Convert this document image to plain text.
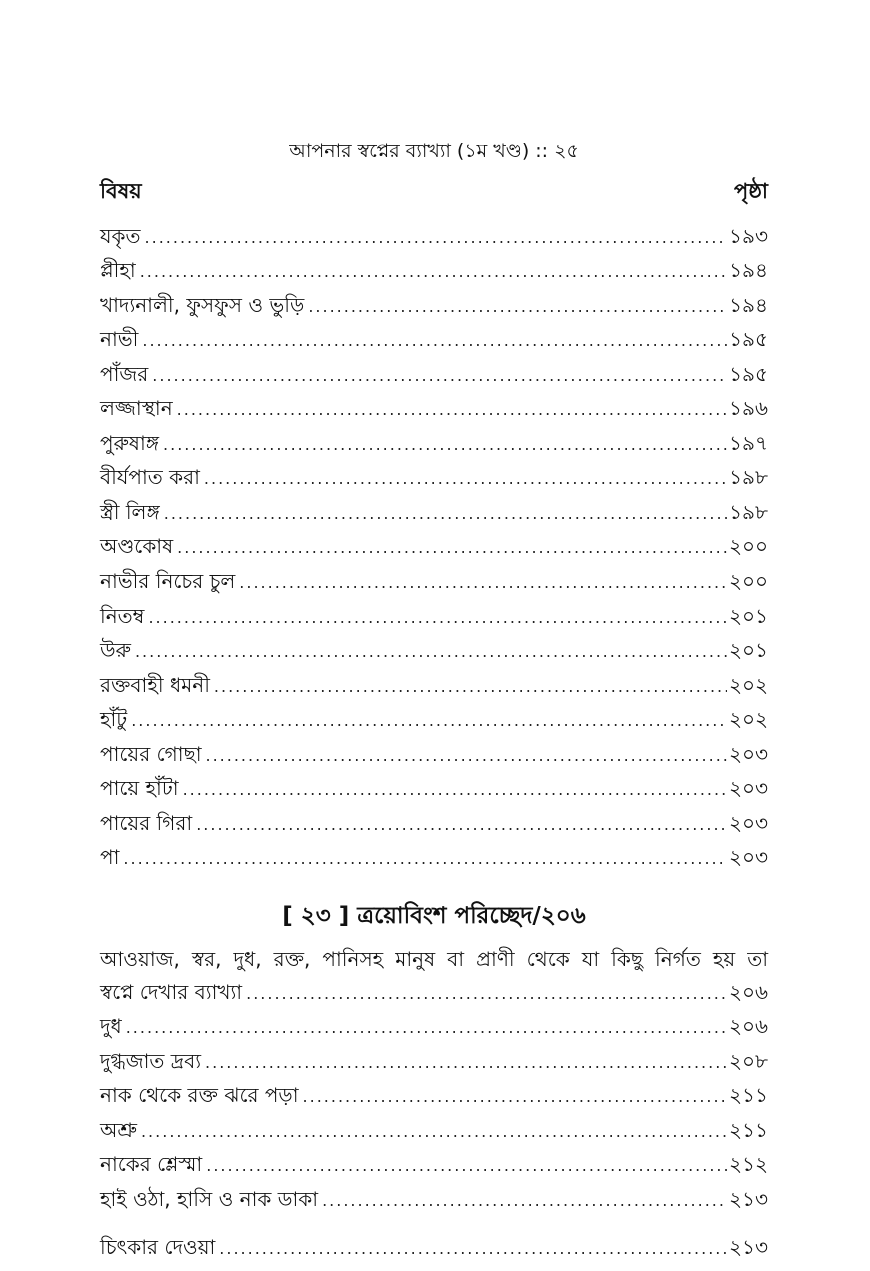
আপনার স্বপ্নের ব্যাখ্যা (১ম খণ্ড) :: ২৫
বিষয়	পৃষ্ঠা
যকৃত .....	১৯৩
প্লীহা .....	১৯৪
খাদ্যনালী, ফুসফুস ও ভুড়ি .....	১৯৪
নাভী .....	১৯৫
পাঁজর .....	১৯৫
লজ্জাস্থান .....	১৯৬
পুরুষাঙ্গ .....	১৯৭
বীর্যপাত করা .....	১৯৮
স্ত্রী লিঙ্গ .....	১৯৮
অণ্ডকোষ .....	২০০
নাভীর নিচের চুল .....	২০০
নিতম্ব .....	২০১
উরু .....	২০১
রক্তবাহী ধমনী .....	২০২
হাঁটু .....	২০২
পায়ের গোছা .....	২০৩
পায়ে হাঁটা .....	২০৩
পায়ের গিরা .....	২০৩
পা .....	২০৩
[ ২৩ ] ত্রয়োবিংশ পরিচ্ছেদ/২০৬
আওয়াজ, স্বর, দুধ, রক্ত, পানিসহ মানুষ বা প্রাণী থেকে যা কিছু নির্গত হয় তা
স্বপ্নে দেখার ব্যাখ্যা .....	২০৬
দুধ .....	২০৬
দুগ্ধজাত দ্রব্য .....	২০৮
নাক থেকে রক্ত ঝরে পড়া .....	২১১
অশ্রু .....	২১১
নাকের শ্লেস্মা .....	২১২
হাই ওঠা, হাসি ও নাক ডাকা .....	২১৩
চিৎকার দেওয়া .....	২১৩
